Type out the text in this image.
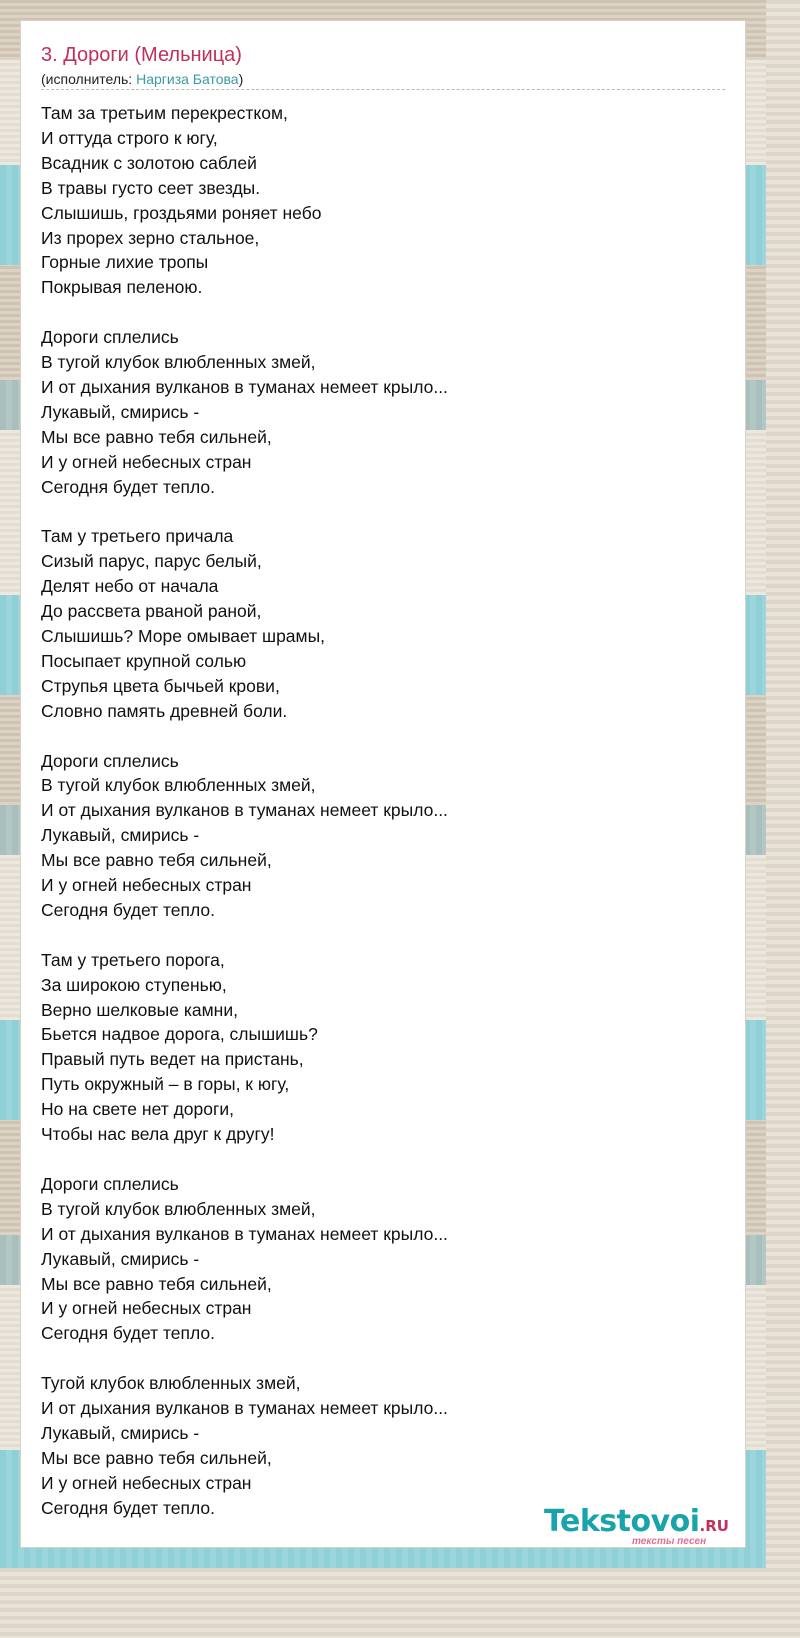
3. Дороги (Мельница)
(исполнитель: Наргиза Батова)
Там за третьим перекрестком,
И оттуда строго к югу,
Всадник с золотою саблей
В травы густо сеет звезды.
Слышишь, гроздьями роняет небо
Из прорех зерно стальное,
Горные лихие тропы
Покрывая пеленою.
Дороги сплелись
В тугой клубок влюбленных змей,
И от дыхания вулканов в туманах немеет крыло...
Лукавый, смирись -
Мы все равно тебя сильней,
И у огней небесных стран
Сегодня будет тепло.
Там у третьего причала
Сизый парус, парус белый,
Делят небо от начала
До рассвета рваной раной,
Слышишь? Море омывает шрамы,
Посыпает крупной солью
Струпья цвета бычьей крови,
Словно память древней боли.
Дороги сплелись
В тугой клубок влюбленных змей,
И от дыхания вулканов в туманах немеет крыло...
Лукавый, смирись -
Мы все равно тебя сильней,
И у огней небесных стран
Сегодня будет тепло.
Там у третьего порога,
За широкою ступенью,
Верно шелковые камни,
Бьется надвое дорога, слышишь?
Правый путь ведет на пристань,
Путь окружный – в горы, к югу,
Но на свете нет дороги,
Чтобы нас вела друг к другу!
Дороги сплелись
В тугой клубок влюбленных змей,
И от дыхания вулканов в туманах немеет крыло...
Лукавый, смирись -
Мы все равно тебя сильней,
И у огней небесных стран
Сегодня будет тепло.
Тугой клубок влюбленных змей,
И от дыхания вулканов в туманах немеет крыло...
Лукавый, смирись -
Мы все равно тебя сильней,
И у огней небесных стран
Сегодня будет тепло.	Tekstovoi.RU
тексты песен
